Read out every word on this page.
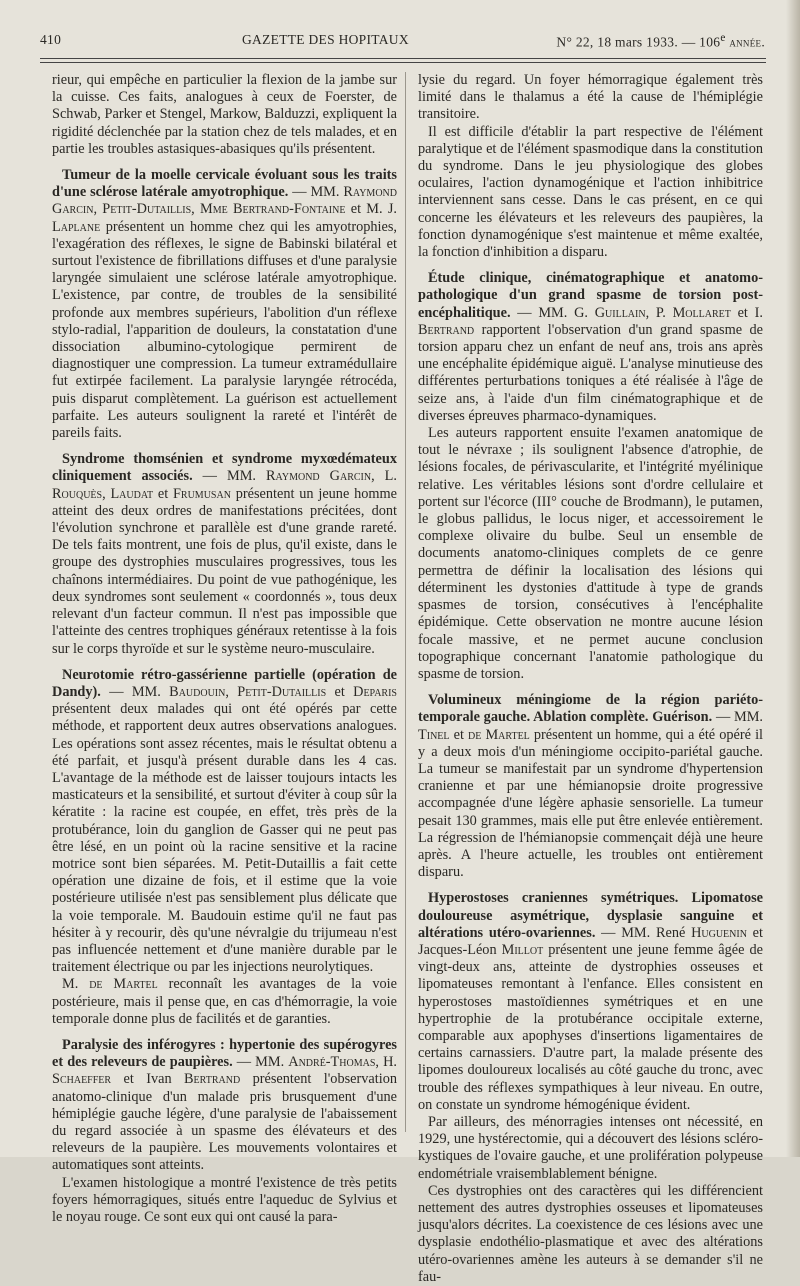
410	GAZETTE DES HOPITAUX	N° 22, 18 mars 1933. — 106e année.

rieur, qui empêche en particulier la flexion de la jambe sur la cuisse. Ces faits, analogues à ceux de Foerster, de Schwab, Parker et Stengel, Markow, Balduzzi, expliquent la rigidité déclenchée par la station chez de tels malades, et en partie les troubles astasiques-abasiques qu'ils présentent.

Tumeur de la moelle cervicale évoluant sous les traits d'une sclérose latérale amyotrophique. — MM. Raymond Garcin, Petit-Dutaillis, Mme Bertrand-Fontaine et M. J. Laplane présentent un homme chez qui les amyotrophies, l'exagération des réflexes, le signe de Babinski bilatéral et surtout l'existence de fibrillations diffuses et d'une paralysie laryngée simulaient une sclérose latérale amyotrophique. L'existence, par contre, de troubles de la sensibilité profonde aux membres supérieurs, l'abolition d'un réflexe stylo-radial, l'apparition de douleurs, la constatation d'une dissociation albumino-cytologique permirent de diagnostiquer une compression. La tumeur extramédullaire fut extirpée facilement. La paralysie laryngée rétrocéda, puis disparut complètement. La guérison est actuellement parfaite. Les auteurs soulignent la rareté et l'intérêt de pareils faits.

Syndrome thomsénien et syndrome myxœdémateux cliniquement associés. — MM. Raymond Garcin, L. Rouquès, Laudat et Frumusan présentent un jeune homme atteint des deux ordres de manifestations précitées, dont l'évolution synchrone et parallèle est d'une grande rareté. De tels faits montrent, une fois de plus, qu'il existe, dans le groupe des dystrophies musculaires progressives, tous les chaînons intermédiaires. Du point de vue pathogénique, les deux syndromes sont seulement « coordonnés », tous deux relevant d'un facteur commun. Il n'est pas impossible que l'atteinte des centres trophiques généraux retentisse à la fois sur le corps thyroïde et sur le système neuro-musculaire.

Neurotomie rétro-gassérienne partielle (opération de Dandy). — MM. Baudouin, Petit-Dutaillis et Deparis présentent deux malades qui ont été opérés par cette méthode, et rapportent deux autres observations analogues. Les opérations sont assez récentes, mais le résultat obtenu a été parfait, et jusqu'à présent durable dans les 4 cas. L'avantage de la méthode est de laisser toujours intacts les masticateurs et la sensibilité, et surtout d'éviter à coup sûr la kératite : la racine est coupée, en effet, très près de la protubérance, loin du ganglion de Gasser qui ne peut pas être lésé, en un point où la racine sensitive et la racine motrice sont bien séparées. M. Petit-Dutaillis a fait cette opération une dizaine de fois, et il estime que la voie postérieure utilisée n'est pas sensiblement plus délicate que la voie temporale. M. Baudouin estime qu'il ne faut pas hésiter à y recourir, dès qu'une névralgie du trijumeau n'est pas influencée nettement et d'une manière durable par le traitement électrique ou par les injections neurolytiques.

M. de Martel reconnaît les avantages de la voie postérieure, mais il pense que, en cas d'hémorragie, la voie temporale donne plus de facilités et de garanties.

Paralysie des inférogyres : hypertonie des supérogyres et des releveurs de paupières. — MM. André-Thomas, H. Schaeffer et Ivan Bertrand présentent l'observation anatomo-clinique d'un malade pris brusquement d'une hémiplégie gauche légère, d'une paralysie de l'abaissement du regard associée à un spasme des élévateurs et des releveurs de la paupière. Les mouvements volontaires et automatiques sont atteints.

L'examen histologique a montré l'existence de très petits foyers hémorragiques, situés entre l'aqueduc de Sylvius et le noyau rouge. Ce sont eux qui ont causé la para-

lysie du regard. Un foyer hémorragique également très limité dans le thalamus a été la cause de l'hémiplégie transitoire.

Il est difficile d'établir la part respective de l'élément paralytique et de l'élément spasmodique dans la constitution du syndrome. Dans le jeu physiologique des globes oculaires, l'action dynamogénique et l'action inhibitrice interviennent sans cesse. Dans le cas présent, en ce qui concerne les élévateurs et les releveurs des paupières, la fonction dynamogénique s'est maintenue et même exaltée, la fonction d'inhibition a disparu.

Étude clinique, cinématographique et anatomo-pathologique d'un grand spasme de torsion post-encéphalitique. — MM. G. Guillain, P. Mollaret et I. Bertrand rapportent l'observation d'un grand spasme de torsion apparu chez un enfant de neuf ans, trois ans après une encéphalite épidémique aiguë. L'analyse minutieuse des différentes perturbations toniques a été réalisée à l'âge de seize ans, à l'aide d'un film cinématographique et de diverses épreuves pharmaco-dynamiques.

Les auteurs rapportent ensuite l'examen anatomique de tout le névraxe ; ils soulignent l'absence d'atrophie, de lésions focales, de périvascularite, et l'intégrité myélinique relative. Les véritables lésions sont d'ordre cellulaire et portent sur l'écorce (III° couche de Brodmann), le putamen, le globus pallidus, le locus niger, et accessoirement le complexe olivaire du bulbe. Seul un ensemble de documents anatomo-cliniques complets de ce genre permettra de définir la localisation des lésions qui déterminent les dystonies d'attitude à type de grands spasmes de torsion, consécutives à l'encéphalite épidémique. Cette observation ne montre aucune lésion focale massive, et ne permet aucune conclusion topographique concernant l'anatomie pathologique du spasme de torsion.

Volumineux méningiome de la région pariéto-temporale gauche. Ablation complète. Guérison. — MM. Tinel et de Martel présentent un homme, qui a été opéré il y a deux mois d'un méningiome occipito-pariétal gauche. La tumeur se manifestait par un syndrome d'hypertension cranienne et par une hémianopsie droite progressive accompagnée d'une légère aphasie sensorielle. La tumeur pesait 130 grammes, mais elle put être enlevée entièrement. La régression de l'hémianopsie commençait déjà une heure après. A l'heure actuelle, les troubles ont entièrement disparu.

Hyperostoses craniennes symétriques. Lipomatose douloureuse asymétrique, dysplasie sanguine et altérations utéro-ovariennes. — MM. René Huguenin et Jacques-Léon Millot présentent une jeune femme âgée de vingt-deux ans, atteinte de dystrophies osseuses et lipomateuses remontant à l'enfance. Elles consistent en hyperostoses mastoïdiennes symétriques et en une hypertrophie de la protubérance occipitale externe, comparable aux apophyses d'insertions ligamentaires de certains carnassiers. D'autre part, la malade présente des lipomes douloureux localisés au côté gauche du tronc, avec trouble des réflexes sympathiques à leur niveau. En outre, on constate un syndrome hémogénique évident.

Par ailleurs, des ménorragies intenses ont nécessité, en 1929, une hystérectomie, qui a découvert des lésions scléro-kystiques de l'ovaire gauche, et une prolifération polypeuse endométriale vraisemblablement bénigne.

Ces dystrophies ont des caractères qui les différencient nettement des autres dystrophies osseuses et lipomateuses jusqu'alors décrites. La coexistence de ces lésions avec une dysplasie endothélio-plasmatique et avec des altérations utéro-ovariennes amène les auteurs à se demander s'il ne fau-
